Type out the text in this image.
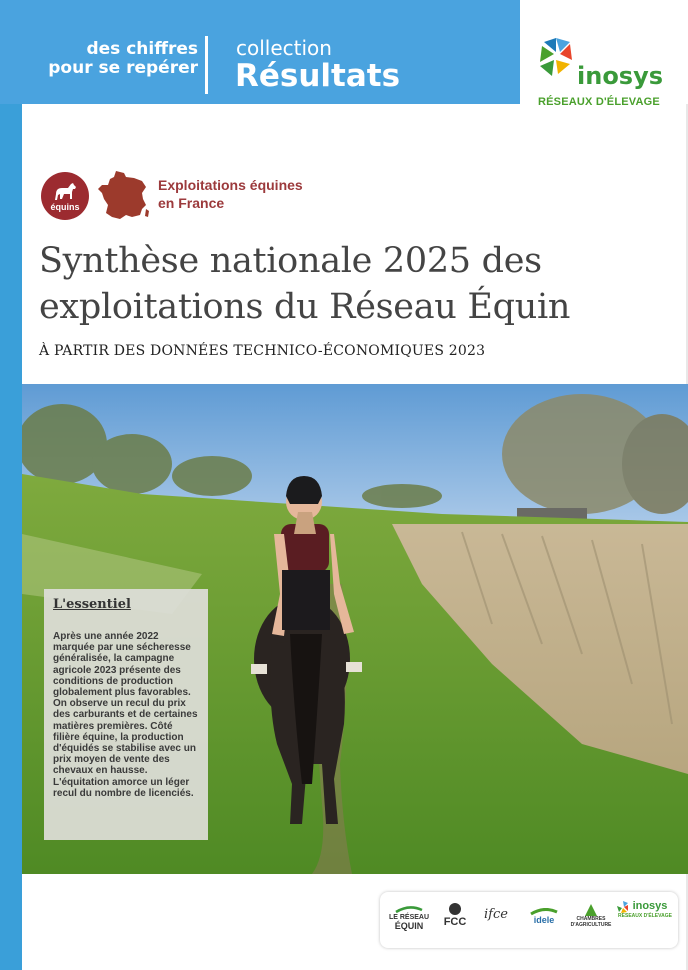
des chiffres
pour se repérer
collection
Résultats	inosys
RÉSEAUX D'ÉLEVAGE
équins
Exploitations équines
en France
Synthèse nationale 2025 des
exploitations du Réseau Équin
À PARTIR DES DONNÉES TECHNICO-ÉCONOMIQUES 2023
L'essentiel
Après une année 2022 marquée par une sécheresse généralisée, la campagne agricole 2023 présente des conditions de production globalement plus favorables. On observe un recul du prix des carburants et de certaines matières premières. Côté filière équine, la production d'équidés se stabilise avec un prix moyen de vente des chevaux en hausse. L'équitation amorce un léger recul du nombre de licenciés.
LE RÉSEAU
ÉQUIN	FCC	ifce	idele	CHAMBRES D'AGRICULTURE
inosys
RÉSEAUX D'ÉLEVAGE
